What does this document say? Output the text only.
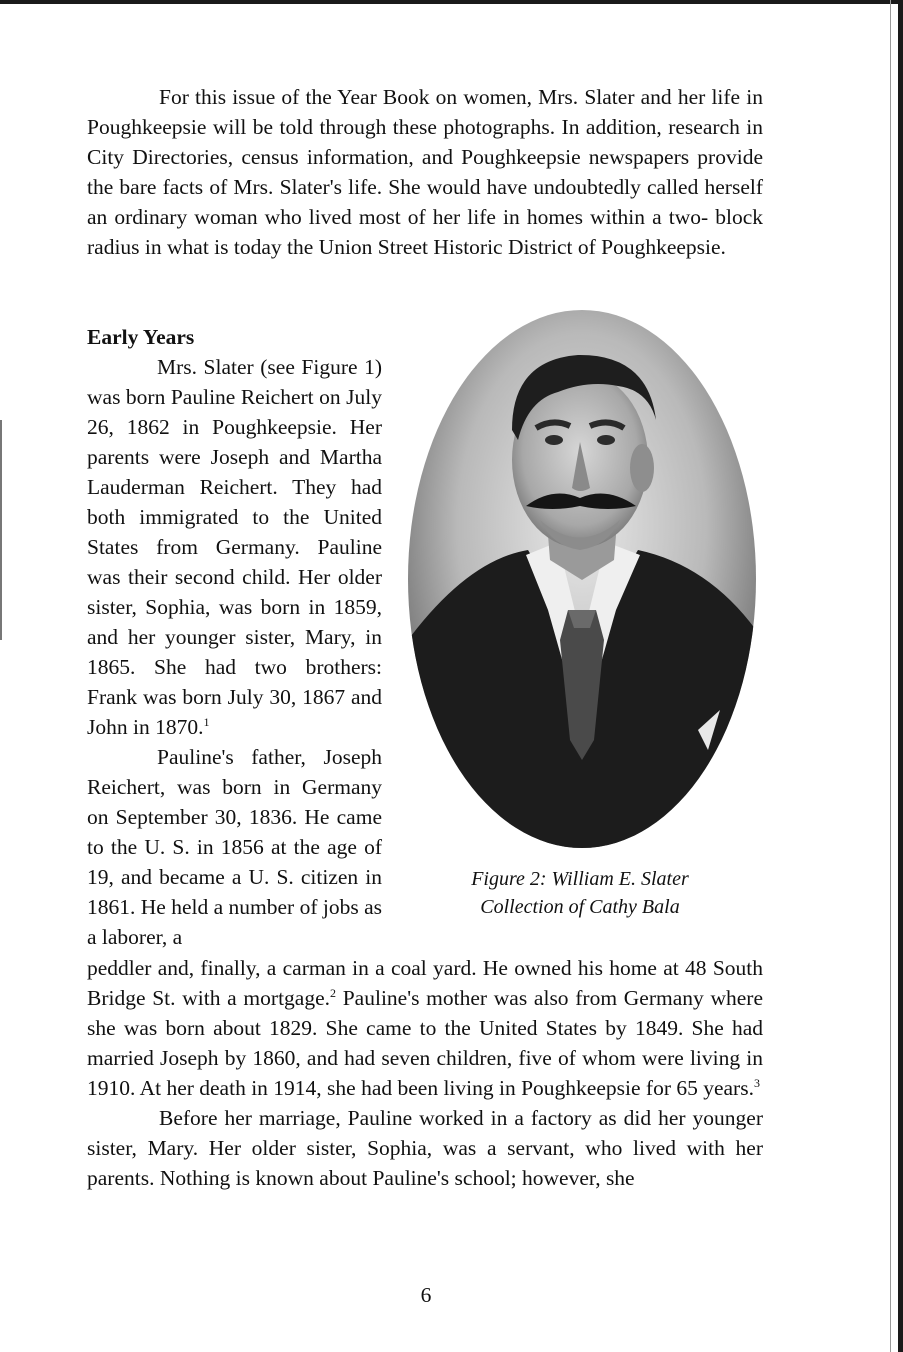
For this issue of the Year Book on women, Mrs. Slater and her life in Poughkeepsie will be told through these photographs. In addition, research in City Directories, census information, and Poughkeepsie newspapers provide the bare facts of Mrs. Slater's life. She would have undoubtedly called herself an ordinary woman who lived most of her life in homes within a two- block radius in what is today the Union Street Historic District of Poughkeepsie.

Early Years

Mrs. Slater (see Figure 1) was born Pauline Reichert on July 26, 1862 in Poughkeepsie. Her parents were Joseph and Martha Lauderman Reichert. They had both immigrated to the United States from Germany. Pauline was their second child. Her older sister, Sophia, was born in 1859, and her younger sister, Mary, in 1865. She had two brothers: Frank was born July 30, 1867 and John in 1870.$^1$

Pauline's father, Joseph Reichert, was born in Germany on September 30, 1836. He came to the U. S. in 1856 at the age of 19, and became a U. S. citizen in 1861. He held a number of jobs as a laborer, a

Figure 2: William E. Slater
Collection of Cathy Bala

peddler and, finally, a carman in a coal yard. He owned his home at 48 South Bridge St. with a mortgage.$^2$ Pauline's mother was also from Germany where she was born about 1829. She came to the United States by 1849. She had married Joseph by 1860, and had seven children, five of whom were living in 1910. At her death in 1914, she had been living in Poughkeepsie for 65 years.$^3$

Before her marriage, Pauline worked in a factory as did her younger sister, Mary. Her older sister, Sophia, was a servant, who lived with her parents. Nothing is known about Pauline's school; however, she

6
